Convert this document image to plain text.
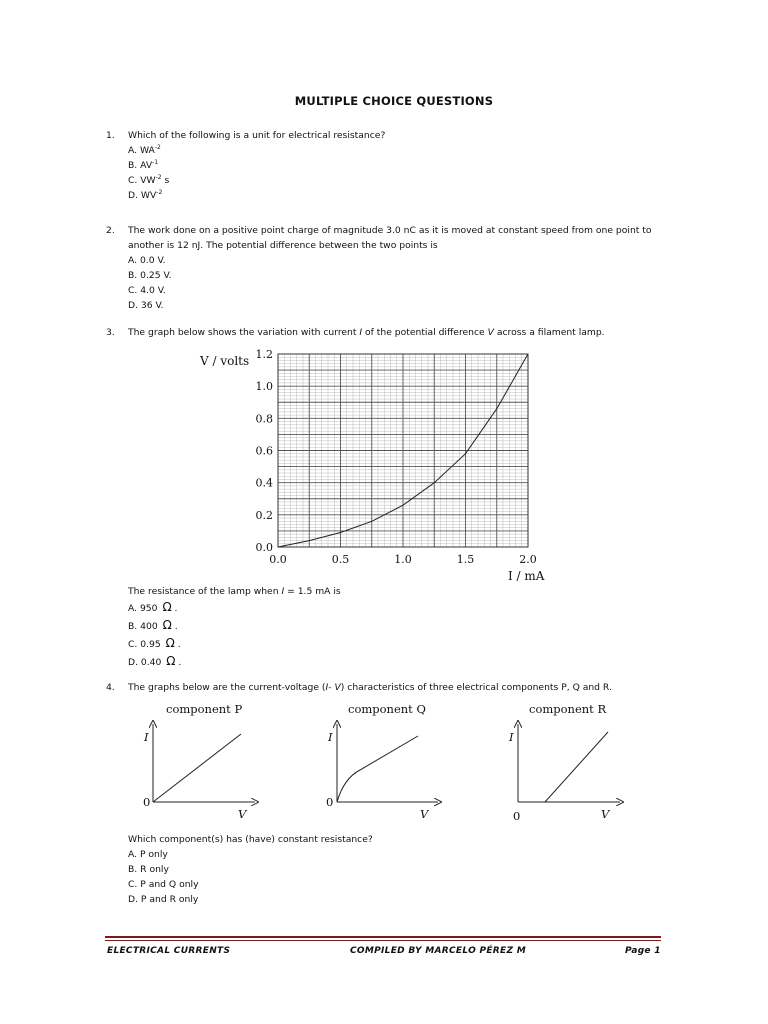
MULTIPLE CHOICE QUESTIONS
1.	Which of the following is a unit for electrical resistance?
A. $WA^{-2}$
B. $AV^{-1}$
C. $VW^{-2}$ s
D. $WV^{-2}$
2.	The work done on a positive point charge of magnitude 3.0 nC as it is moved at constant speed from one point to
another is 12 nJ. The potential difference between the two points is
A. 0.0 V.
B. 0.25 V.
C. 4.0 V.
D. 36 V.
3.	The graph below shows the variation with current I of the potential difference V across a filament lamp.
0.0
0.2
0.4
0.6
0.8
1.0
1.2
0.0	0.5	1.0	1.5	2.0
V / volts
I / mA
The resistance of the lamp when I = 1.5 mA is
A. 950 Ω .
B. 400 Ω .
C. 0.95 Ω .
D. 0.40 Ω .
4.	The graphs below are the current-voltage (I- V) characteristics of three electrical components P, Q and R.
component P
I
V
0
component Q
I
V
0
component R
I
V
0
Which component(s) has (have) constant resistance?
A. P only
B. R only
C. P and Q only
D. P and R only
ELECTRICAL CURRENTS	COMPILED BY MARCELO PÉREZ M	Page 1
